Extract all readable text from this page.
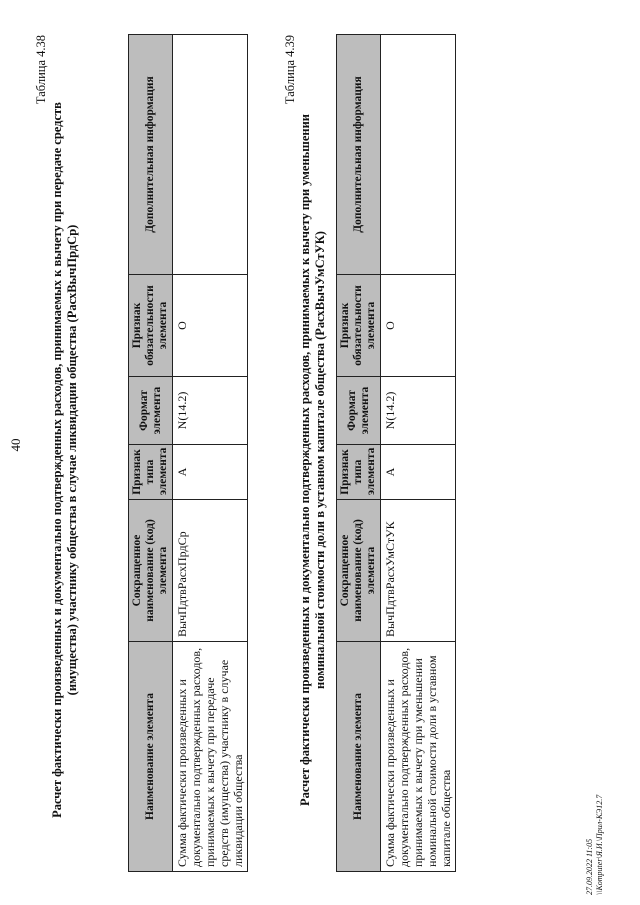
40
Таблица 4.38
Расчет фактически произведенных и документально подтвержденных расходов, принимаемых к вычету при передаче средств (имущества) участнику общества в случае ликвидации общества (РасхВычПрдСр)
Наименование элемента	Сокращенное наименование (код) элемента	Признак типа элемента	Формат элемента	Признак обязательности элемента	Дополнительная информация
Сумма фактически произведенных и документально подтвержденных расходов, принимаемых к вычету при передаче средств (имущества) участнику в случае ликвидации общества	ВычПдтвРасхПрдСр	А	N(14.2)	О	
Таблица 4.39
Расчет фактически произведенных и документально подтвержденных расходов, принимаемых к вычету при уменьшении номинальной стоимости доли в уставном капитале общества (РасхВычУмСтУК)
Наименование элемента	Сокращенное наименование (код) элемента	Признак типа элемента	Формат элемента	Признак обязательности элемента	Дополнительная информация
Сумма фактически произведенных и документально подтвержденных расходов, принимаемых к вычету при уменьшении номинальной стоимости доли в уставном капитале общества	ВычПдтвРасхУмСтУК	А	N(14.2)	О	
27.09.2022 11:05 \\Komputer\Я.И.\Прил-КЭ12.7
